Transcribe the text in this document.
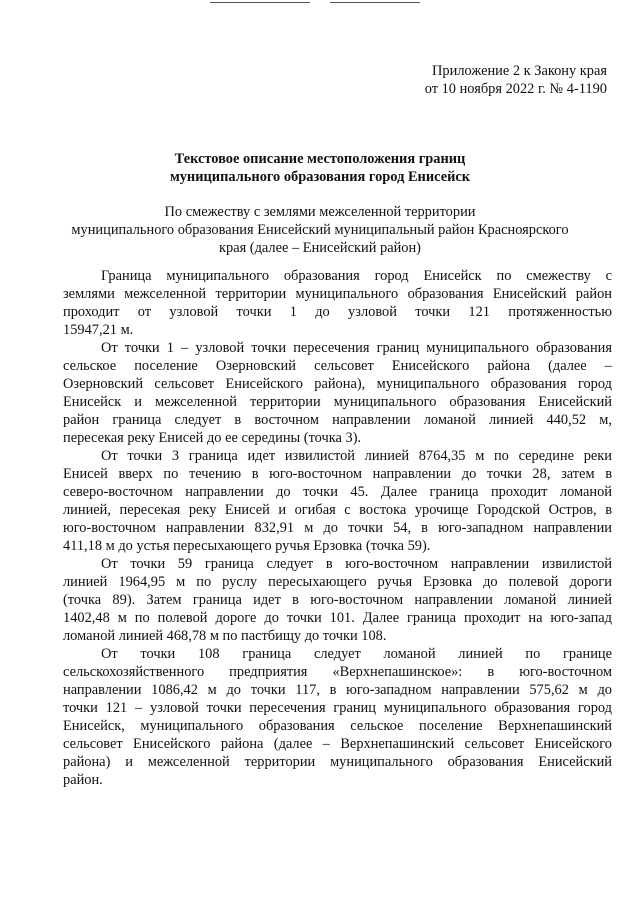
Приложение 2 к Закону края
от 10 ноября 2022 г. № 4-1190
Текстовое описание местоположения границ
муниципального образования город Енисейск
По смежеству с землями межселенной территории
муниципального образования Енисейский муниципальный район Красноярского
края (далее – Енисейский район)
Граница муниципального образования город Енисейск по смежеству с
землями межселенной территории муниципального образования Енисейский район
проходит от узловой точки 1 до узловой точки 121 протяженностью
15947,21 м.
От точки 1 – узловой точки пересечения границ муниципального образования
сельское поселение Озерновский сельсовет Енисейского района (далее –
Озерновский сельсовет Енисейского района), муниципального образования город
Енисейск и межселенной территории муниципального образования Енисейский
район граница следует в восточном направлении ломаной линией 440,52 м,
пересекая реку Енисей до ее середины (точка 3).
От точки 3 граница идет извилистой линией 8764,35 м по середине реки
Енисей вверх по течению в юго-восточном направлении до точки 28, затем в
северо-восточном направлении до точки 45. Далее граница проходит ломаной
линией, пересекая реку Енисей и огибая с востока урочище Городской Остров, в
юго-восточном направлении 832,91 м до точки 54, в юго-западном направлении
411,18 м до устья пересыхающего ручья Ерзовка (точка 59).
От точки 59 граница следует в юго-восточном направлении извилистой
линией 1964,95 м по руслу пересыхающего ручья Ерзовка до полевой дороги
(точка 89). Затем граница идет в юго-восточном направлении ломаной линией
1402,48 м по полевой дороге до точки 101. Далее граница проходит на юго-запад
ломаной линией 468,78 м по пастбищу до точки 108.
От точки 108 граница следует ломаной линией по границе
сельскохозяйственного предприятия «Верхнепашинское»: в юго-восточном
направлении 1086,42 м до точки 117, в юго-западном направлении 575,62 м до
точки 121 – узловой точки пересечения границ муниципального образования город
Енисейск, муниципального образования сельское поселение Верхнепашинский
сельсовет Енисейского района (далее – Верхнепашинский сельсовет Енисейского
района) и межселенной территории муниципального образования Енисейский
район.
